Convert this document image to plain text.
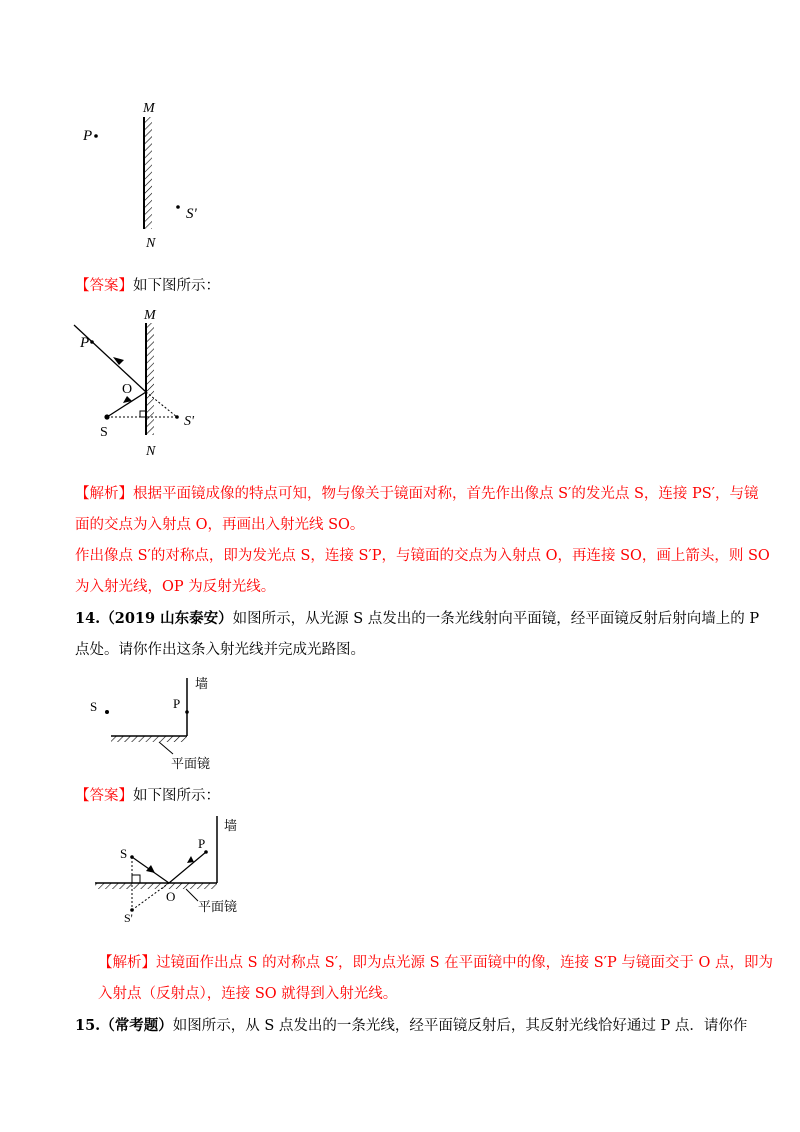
M
N
P
S'
【答案】如下图所示：
M
N
P
S
O
S'
【解析】根据平面镜成像的特点可知，物与像关于镜面对称，首先作出像点 S′的发光点 S，连接 PS′，与镜
面的交点为入射点 O，再画出入射光线 SO。
作出像点 S′的对称点，即为发光点 S，连接 S′P，与镜面的交点为入射点 O，再连接 SO，画上箭头，则 SO
为入射光线，OP 为反射光线。
14.（2019 山东泰安）如图所示，从光源 S 点发出的一条光线射向平面镜，经平面镜反射后射向墙上的 P
点处。请你作出这条入射光线并完成光路图。
墙
P
S
平面镜
【答案】如下图所示：
墙
S
P
S'
O
平面镜
【解析】过镜面作出点 S 的对称点 S′，即为点光源 S 在平面镜中的像，连接 S′P 与镜面交于 O 点，即为
入射点（反射点），连接 SO 就得到入射光线。
15.（常考题）如图所示，从 S 点发出的一条光线，经平面镜反射后，其反射光线恰好通过 P 点．请你作
